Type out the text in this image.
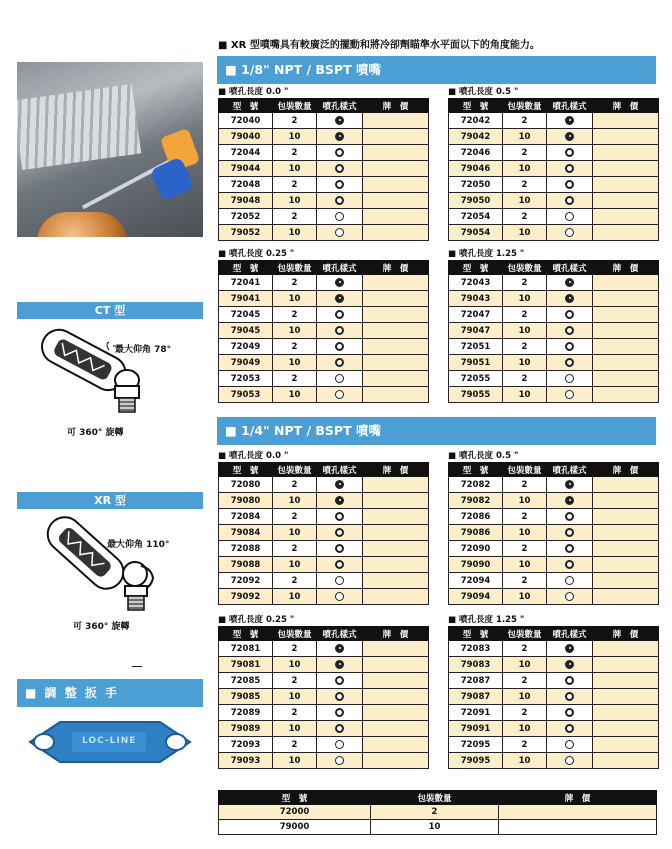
CT 型
最大仰角 78°
可 360° 旋轉
XR 型
最大仰角 110°
可 360° 旋轉
■ 調 整 扳 手
LOC-LINE
■ XR 型噴嘴具有較廣泛的擺動和將冷卻劑瞄準水平面以下的角度能力。
■ 1/8" NPT / BSPT 噴嘴
■ 1/4" NPT / BSPT 噴嘴
■ 噴孔長度 0.0 "
型　號	包裝數量	噴孔樣式	牌　價
72040	2		
79040	10		
72044	2		
79044	10		
72048	2		
79048	10		
72052	2		
79052	10		
■ 噴孔長度 0.5 "
型　號	包裝數量	噴孔樣式	牌　價
72042	2		
79042	10		
72046	2		
79046	10		
72050	2		
79050	10		
72054	2		
79054	10		
■ 噴孔長度 0.25 "
型　號	包裝數量	噴孔樣式	牌　價
72041	2		
79041	10		
72045	2		
79045	10		
72049	2		
79049	10		
72053	2		
79053	10		
■ 噴孔長度 1.25 "
型　號	包裝數量	噴孔樣式	牌　價
72043	2		
79043	10		
72047	2		
79047	10		
72051	2		
79051	10		
72055	2		
79055	10		
■ 噴孔長度 0.0 "
型　號	包裝數量	噴孔樣式	牌　價
72080	2		
79080	10		
72084	2		
79084	10		
72088	2		
79088	10		
72092	2		
79092	10		
■ 噴孔長度 0.5 "
型　號	包裝數量	噴孔樣式	牌　價
72082	2		
79082	10		
72086	2		
79086	10		
72090	2		
79090	10		
72094	2		
79094	10		
■ 噴孔長度 0.25 "
型　號	包裝數量	噴孔樣式	牌　價
72081	2		
79081	10		
72085	2		
79085	10		
72089	2		
79089	10		
72093	2		
79093	10		
■ 噴孔長度 1.25 "
型　號	包裝數量	噴孔樣式	牌　價
72083	2		
79083	10		
72087	2		
79087	10		
72091	2		
79091	10		
72095	2		
79095	10		
型　號	包裝數量	牌　價
72000	2	
79000	10	
